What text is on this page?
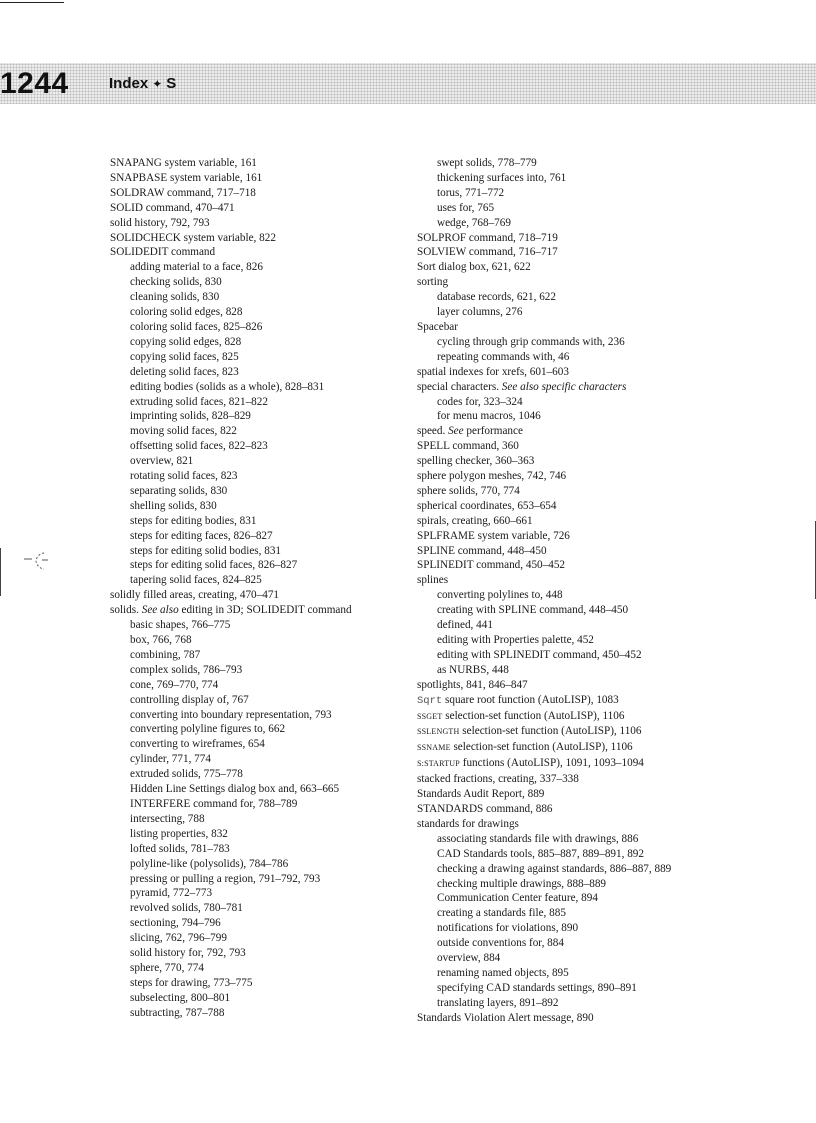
1244	Index ✦ S
SNAPANG system variable, 161
SNAPBASE system variable, 161
SOLDRAW command, 717–718
SOLID command, 470–471
solid history, 792, 793
SOLIDCHECK system variable, 822
SOLIDEDIT command
adding material to a face, 826
checking solids, 830
cleaning solids, 830
coloring solid edges, 828
coloring solid faces, 825–826
copying solid edges, 828
copying solid faces, 825
deleting solid faces, 823
editing bodies (solids as a whole), 828–831
extruding solid faces, 821–822
imprinting solids, 828–829
moving solid faces, 822
offsetting solid faces, 822–823
overview, 821
rotating solid faces, 823
separating solids, 830
shelling solids, 830
steps for editing bodies, 831
steps for editing faces, 826–827
steps for editing solid bodies, 831
steps for editing solid faces, 826–827
tapering solid faces, 824–825
solidly filled areas, creating, 470–471
solids. See also editing in 3D; SOLIDEDIT command
basic shapes, 766–775
box, 766, 768
combining, 787
complex solids, 786–793
cone, 769–770, 774
controlling display of, 767
converting into boundary representation, 793
converting polyline figures to, 662
converting to wireframes, 654
cylinder, 771, 774
extruded solids, 775–778
Hidden Line Settings dialog box and, 663–665
INTERFERE command for, 788–789
intersecting, 788
listing properties, 832
lofted solids, 781–783
polyline-like (polysolids), 784–786
pressing or pulling a region, 791–792, 793
pyramid, 772–773
revolved solids, 780–781
sectioning, 794–796
slicing, 762, 796–799
solid history for, 792, 793
sphere, 770, 774
steps for drawing, 773–775
subselecting, 800–801
subtracting, 787–788
swept solids, 778–779
thickening surfaces into, 761
torus, 771–772
uses for, 765
wedge, 768–769
SOLPROF command, 718–719
SOLVIEW command, 716–717
Sort dialog box, 621, 622
sorting
database records, 621, 622
layer columns, 276
Spacebar
cycling through grip commands with, 236
repeating commands with, 46
spatial indexes for xrefs, 601–603
special characters. See also specific characters
codes for, 323–324
for menu macros, 1046
speed. See performance
SPELL command, 360
spelling checker, 360–363
sphere polygon meshes, 742, 746
sphere solids, 770, 774
spherical coordinates, 653–654
spirals, creating, 660–661
SPLFRAME system variable, 726
SPLINE command, 448–450
SPLINEDIT command, 450–452
splines
converting polylines to, 448
creating with SPLINE command, 448–450
defined, 441
editing with Properties palette, 452
editing with SPLINEDIT command, 450–452
as NURBS, 448
spotlights, 841, 846–847
Sqrt square root function (AutoLISP), 1083
SSGET selection-set function (AutoLISP), 1106
SSLENGTH selection-set function (AutoLISP), 1106
SSNAME selection-set function (AutoLISP), 1106
S:STARTUP functions (AutoLISP), 1091, 1093–1094
stacked fractions, creating, 337–338
Standards Audit Report, 889
STANDARDS command, 886
standards for drawings
associating standards file with drawings, 886
CAD Standards tools, 885–887, 889–891, 892
checking a drawing against standards, 886–887, 889
checking multiple drawings, 888–889
Communication Center feature, 894
creating a standards file, 885
notifications for violations, 890
outside conventions for, 884
overview, 884
renaming named objects, 895
specifying CAD standards settings, 890–891
translating layers, 891–892
Standards Violation Alert message, 890
